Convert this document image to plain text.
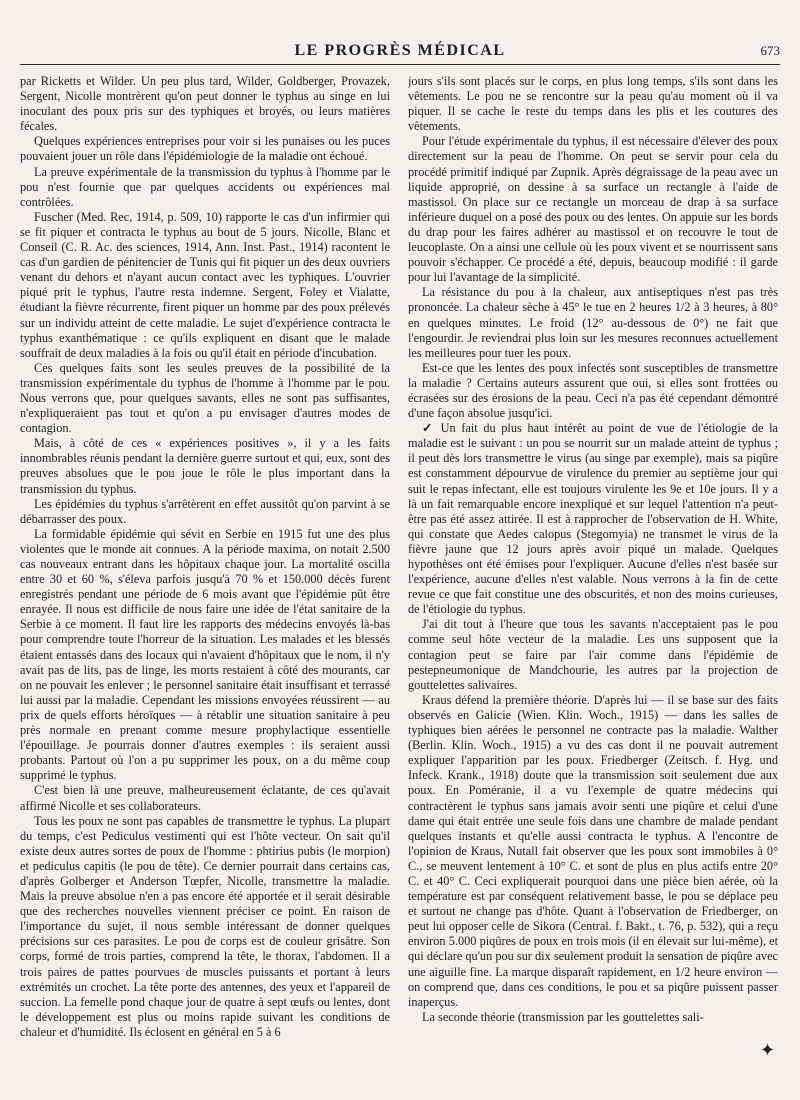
LE PROGRÈS MÉDICAL	673

par Ricketts et Wilder. Un peu plus tard, Wilder, Goldberger, Provazek, Sergent, Nicolle montrèrent qu'on peut donner le typhus au singe en lui inoculant des poux pris sur des typhiques et broyés, ou leurs matières fécales.

Quelques expériences entreprises pour voir si les punaises ou les puces pouvaient jouer un rôle dans l'épidémiologie de la maladie ont échoué.

La preuve expérimentale de la transmission du typhus à l'homme par le pou n'est fournie que par quelques accidents ou expériences mal contrôlées.

Fuscher (Med. Rec, 1914, p. 509, 10) rapporte le cas d'un infirmier qui se fit piquer et contracta le typhus au bout de 5 jours. Nicolle, Blanc et Conseil (C. R. Ac. des sciences, 1914, Ann. Inst. Past., 1914) racontent le cas d'un gardien de pénitencier de Tunis qui fit piquer un des deux ouvriers venant du dehors et n'ayant aucun contact avec les typhiques. L'ouvrier piqué prit le typhus, l'autre resta indemne. Sergent, Foley et Vialatte, étudiant la fièvre récurrente, firent piquer un homme par des poux prélevés sur un individu atteint de cette maladie. Le sujet d'expérience contracta le typhus exanthématique : ce qu'ils expliquent en disant que le malade souffrait de deux maladies à la fois ou qu'il était en période d'incubation.

Ces quelques faits sont les seules preuves de la possibilité de la transmission expérimentale du typhus de l'homme à l'homme par le pou. Nous verrons que, pour quelques savants, elles ne sont pas suffisantes, n'expliqueraient pas tout et qu'on a pu envisager d'autres modes de contagion.

Mais, à côté de ces « expériences positives », il y a les faits innombrables réunis pendant la dernière guerre surtout et qui, eux, sont des preuves absolues que le pou joue le rôle le plus important dans la transmission du typhus.

Les épidémies du typhus s'arrêtèrent en effet aussitôt qu'on parvint à se débarrasser des poux.

La formidable épidémie qui sévit en Serbie en 1915 fut une des plus violentes que le monde ait connues. A la période maxima, on notait 2.500 cas nouveaux entrant dans les hôpitaux chaque jour. La mortalité oscilla entre 30 et 60 %, s'éleva parfois jusqu'à 70 % et 150.000 décès furent enregistrés pendant une période de 6 mois avant que l'épidémie pût être enrayée. Il nous est difficile de nous faire une idée de l'état sanitaire de la Serbie à ce moment. Il faut lire les rapports des médecins envoyés là-bas pour comprendre toute l'horreur de la situation. Les malades et les blessés étaient entassés dans des locaux qui n'avaient d'hôpitaux que le nom, il n'y avait pas de lits, pas de linge, les morts restaient à côté des mourants, car on ne pouvait les enlever ; le personnel sanitaire était insuffisant et terrassé lui aussi par la maladie. Cependant les missions envoyées réussirent — au prix de quels efforts héroïques — à rétablir une situation sanitaire à peu près normale en prenant comme mesure prophylactique essentielle l'épouillage. Je pourrais donner d'autres exemples : ils seraient aussi probants. Partout où l'on a pu supprimer les poux, on a du même coup supprimé le typhus.

C'est bien là une preuve, malheureusement éclatante, de ces qu'avait affirmé Nicolle et ses collaborateurs.

Tous les poux ne sont pas capables de transmettre le typhus. La plupart du temps, c'est Pediculus vestimenti qui est l'hôte vecteur. On sait qu'il existe deux autres sortes de poux de l'homme : phtirius pubis (le morpion) et pediculus capitis (le pou de tête). Ce dernier pourrait dans certains cas, d'après Golberger et Anderson Tœpfer, Nicolle, transmettre la maladie. Mais la preuve absolue n'en a pas encore été apportée et il serait désirable que des recherches nouvelles viennent préciser ce point. En raison de l'importance du sujet, il nous semble intéressant de donner quelques précisions sur ces parasites. Le pou de corps est de couleur grisâtre. Son corps, formé de trois parties, comprend la tête, le thorax, l'abdomen. Il a trois paires de pattes pourvues de muscles puissants et portant à leurs extrémités un crochet. La tête porte des antennes, des yeux et l'appareil de succion. La femelle pond chaque jour de quatre à sept œufs ou lentes, dont le développement est plus ou moins rapide suivant les conditions de chaleur et d'humidité. Ils éclosent en général en 5 à 6

jours s'ils sont placés sur le corps, en plus long temps, s'ils sont dans les vêtements. Le pou ne se rencontre sur la peau qu'au moment où il va piquer. Il se cache le reste du temps dans les plis et les coutures des vêtements.

Pour l'étude expérimentale du typhus, il est nécessaire d'élever des poux directement sur la peau de l'homme. On peut se servir pour cela du procédé primitif indiqué par Zupnik. Après dégraissage de la peau avec un liquide approprié, on dessine à sa surface un rectangle à l'aide de mastissol. On place sur ce rectangle un morceau de drap à sa surface inférieure duquel on a posé des poux ou des lentes. On appuie sur les bords du drap pour les faires adhérer au mastissol et on recouvre le tout de leucoplaste. On a ainsi une cellule où les poux vivent et se nourrissent sans pouvoir s'échapper. Ce procédé a été, depuis, beaucoup modifié : il garde pour lui l'avantage de la simplicité.

La résistance du pou à la chaleur, aux antiseptiques n'est pas très prononcée. La chaleur sèche à 45° le tue en 2 heures 1/2 à 3 heures, à 80° en quelques minutes. Le froid (12° au-dessous de 0°) ne fait que l'engourdir. Je reviendrai plus loin sur les mesures reconnues actuellement les meilleures pour tuer les poux.

Est-ce que les lentes des poux infectés sont susceptibles de transmettre la maladie ? Certains auteurs assurent que oui, si elles sont frottées ou écrasées sur des érosions de la peau. Ceci n'a pas été cependant démontré d'une façon absolue jusqu'ici.

✓ Un fait du plus haut intérêt au point de vue de l'étiologie de la maladie est le suivant : un pou se nourrit sur un malade atteint de typhus ; il peut dès lors transmettre le virus (au singe par exemple), mais sa piqûre est constamment dépourvue de virulence du premier au septième jour qui suit le repas infectant, elle est toujours virulente les 9e et 10e jours. Il y a là un fait remarquable encore inexpliqué et sur lequel l'attention n'a peut-être pas été assez attirée. Il est à rapprocher de l'observation de H. White, qui constate que Aedes calopus (Stegomyia) ne transmet le virus de la fièvre jaune que 12 jours après avoir piqué un malade. Quelques hypothèses ont été émises pour l'expliquer. Aucune d'elles n'est basée sur l'expérience, aucune d'elles n'est valable. Nous verrons à la fin de cette revue ce que fait constitue une des obscurités, et non des moins curieuses, de l'étiologie du typhus.

J'ai dit tout à l'heure que tous les savants n'acceptaient pas le pou comme seul hôte vecteur de la maladie. Les uns supposent que la contagion peut se faire par l'air comme dans l'épidémie de pestepneumonique de Mandchourie, les autres par la projection de gouttelettes salivaires.

Kraus défend la première théorie. D'après lui — il se base sur des faits observés en Galicie (Wien. Klin. Woch., 1915) — dans les salles de typhiques bien aérées le personnel ne contracte pas la maladie. Walther (Berlin. Klin. Woch., 1915) a vu des cas dont il ne pouvait autrement expliquer l'apparition par les poux. Friedberger (Zeitsch. f. Hyg. und Infeck. Krank., 1918) doute que la transmission soit seulement due aux poux. En Poméranie, il a vu l'exemple de quatre médecins qui contractèrent le typhus sans jamais avoir senti une piqûre et celui d'une dame qui était entrée une seule fois dans une chambre de malade pendant quelques instants et qu'elle aussi contracta le typhus. A l'encontre de l'opinion de Kraus, Nutall fait observer que les poux sont immobiles à 0° C., se meuvent lentement à 10° C. et sont de plus en plus actifs entre 20° C. et 40° C. Ceci expliquerait pourquoi dans une pièce bien aérée, où la température est par conséquent relativement basse, le pou se déplace peu et surtout ne change pas d'hôte. Quant à l'observation de Friedberger, on peut lui opposer celle de Sikora (Central. f. Bakt., t. 76, p. 532), qui a reçu environ 5.000 piqûres de poux en trois mois (il en élevait sur lui-même), et qui déclare qu'un pou sur dix seulement produit la sensation de piqûre avec une aiguille fine. La marque disparaît rapidement, en 1/2 heure environ — on comprend que, dans ces conditions, le pou et sa piqûre puissent passer inaperçus.

La seconde théorie (transmission par les gouttelettes sali-

✦
